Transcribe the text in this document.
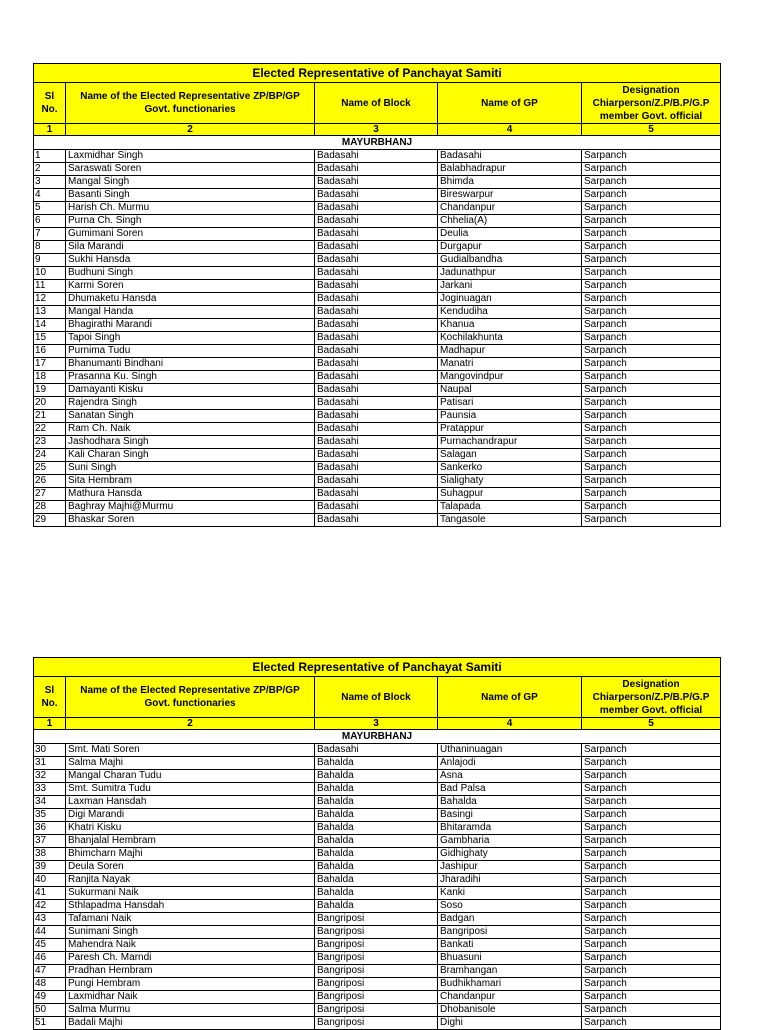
Elected Representative of Panchayat Samiti				
Sl No.	Name of the Elected Representative ZP/BP/GP Govt. functionaries	Name of Block	Name of GP	Designation Chiarperson/Z.P/B.P/G.P member Govt. official
1	2	3	4	5
MAYURBHANJ				
1	Laxmidhar Singh	Badasahi	Badasahi	Sarpanch
2	Saraswati Soren	Badasahi	Balabhadrapur	Sarpanch
3	Mangal Singh	Badasahi	Bhimda	Sarpanch
4	Basanti Singh	Badasahi	Bireswarpur	Sarpanch
5	Harish Ch. Murmu	Badasahi	Chandanpur	Sarpanch
6	Purna Ch. Singh	Badasahi	Chhelia(A)	Sarpanch
7	Gumimani Soren	Badasahi	Deulia	Sarpanch
8	Sila Marandi	Badasahi	Durgapur	Sarpanch
9	Sukhi Hansda	Badasahi	Gudialbandha	Sarpanch
10	Budhuni Singh	Badasahi	Jadunathpur	Sarpanch
11	Karmi Soren	Badasahi	Jarkani	Sarpanch
12	Dhumaketu Hansda	Badasahi	Joginuagan	Sarpanch
13	Mangal Handa	Badasahi	Kendudiha	Sarpanch
14	Bhagirathi Marandi	Badasahi	Khanua	Sarpanch
15	Tapoi Singh	Badasahi	Kochilakhunta	Sarpanch
16	Purnima Tudu	Badasahi	Madhapur	Sarpanch
17	Bhanumanti Bindhani	Badasahi	Manatri	Sarpanch
18	Prasanna Ku. Singh	Badasahi	Mangovindpur	Sarpanch
19	Damayanti Kisku	Badasahi	Naupal	Sarpanch
20	Rajendra Singh	Badasahi	Patisari	Sarpanch
21	Sanatan Singh	Badasahi	Paunsia	Sarpanch
22	Ram Ch. Naik	Badasahi	Pratappur	Sarpanch
23	Jashodhara Singh	Badasahi	Purnachandrapur	Sarpanch
24	Kali Charan Singh	Badasahi	Salagan	Sarpanch
25	Suni Singh	Badasahi	Sankerko	Sarpanch
26	Sita Hembram	Badasahi	Sialighaty	Sarpanch
27	Mathura Hansda	Badasahi	Suhagpur	Sarpanch
28	Baghray Majhi@Murmu	Badasahi	Talapada	Sarpanch
29	Bhaskar Soren	Badasahi	Tangasole	Sarpanch
Elected Representative of Panchayat Samiti				
Sl No.	Name of the Elected Representative ZP/BP/GP Govt. functionaries	Name of Block	Name of GP	Designation Chiarperson/Z.P/B.P/G.P member Govt. official
1	2	3	4	5
MAYURBHANJ				
30	Smt. Mati Soren	Badasahi	Uthaninuagan	Sarpanch
31	Salma Majhi	Bahalda	Anlajodi	Sarpanch
32	Mangal Charan Tudu	Bahalda	Asna	Sarpanch
33	Smt. Sumitra Tudu	Bahalda	Bad Palsa	Sarpanch
34	Laxman Hansdah	Bahalda	Bahalda	Sarpanch
35	Digi Marandi	Bahalda	Basingi	Sarpanch
36	Khatri Kisku	Bahalda	Bhitaramda	Sarpanch
37	Bhanjalal Hembram	Bahalda	Gambharia	Sarpanch
38	Bhimcharn Majhi	Bahalda	Gidhighaty	Sarpanch
39	Deula Soren	Bahalda	Jashipur	Sarpanch
40	Ranjita Nayak	Bahalda	Jharadihi	Sarpanch
41	Sukurmani Naik	Bahalda	Kanki	Sarpanch
42	Sthlapadma Hansdah	Bahalda	Soso	Sarpanch
43	Tafamani Naik	Bangriposi	Badgan	Sarpanch
44	Sunimani Singh	Bangriposi	Bangriposi	Sarpanch
45	Mahendra Naik	Bangriposi	Bankati	Sarpanch
46	Paresh Ch. Marndi	Bangriposi	Bhuasuni	Sarpanch
47	Pradhan Hembram	Bangriposi	Bramhangan	Sarpanch
48	Pungi Hembram	Bangriposi	Budhikhamari	Sarpanch
49	Laxmidhar Naik	Bangriposi	Chandanpur	Sarpanch
50	Salma Murmu	Bangriposi	Dhobanisole	Sarpanch
51	Badali Majhi	Bangriposi	Dighi	Sarpanch
